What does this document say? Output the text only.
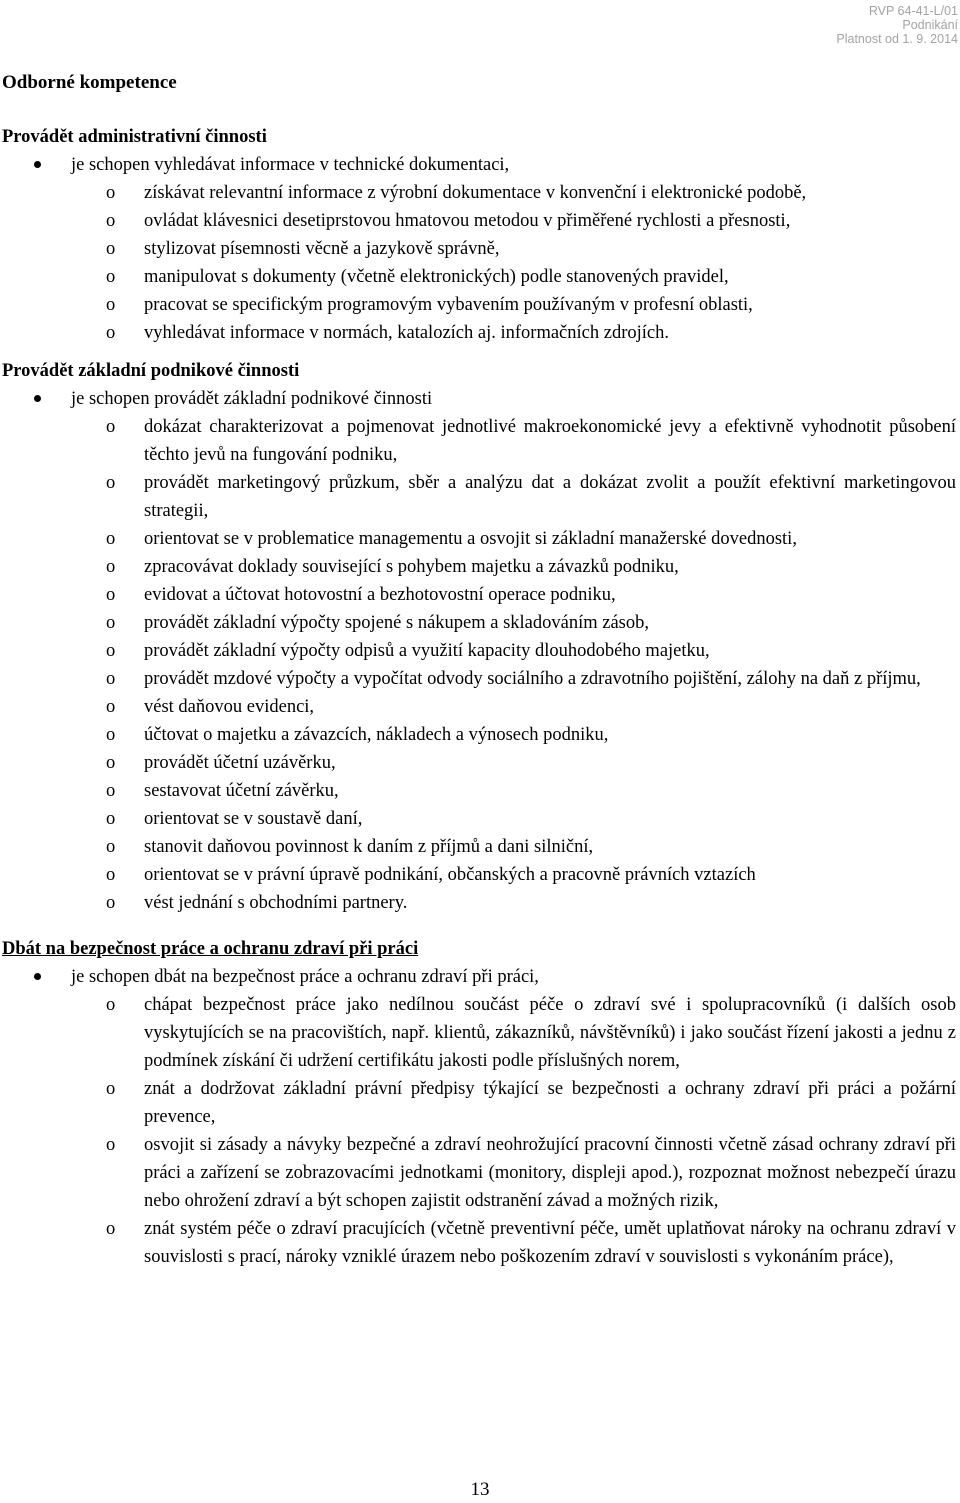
RVP 64-41-L/01
Podnikání
Platnost od 1. 9. 2014
Odborné kompetence
Provádět administrativní činnosti
je schopen vyhledávat informace v technické dokumentaci,
o získávat relevantní informace z výrobní dokumentace v konvenční i elektronické podobě,
o ovládat klávesnici desetiprstovou hmatovou metodou v přiměřené rychlosti a přesnosti,
o stylizovat písemnosti věcně a jazykově správně,
o manipulovat s dokumenty (včetně elektronických) podle stanovených pravidel,
o pracovat se specifickým programovým vybavením používaným v profesní oblasti,
o vyhledávat informace v normách, katalozích aj. informačních zdrojích.
Provádět základní podnikové činnosti
je schopen provádět základní podnikové činnosti
o dokázat charakterizovat a pojmenovat jednotlivé makroekonomické jevy a efektivně vyhodnotit působení těchto jevů na fungování podniku,
o provádět marketingový průzkum, sběr a analýzu dat a dokázat zvolit a použít efektivní marketingovou strategii,
o orientovat se v problematice managementu a osvojit si základní manažerské dovednosti,
o zpracovávat doklady související s pohybem majetku a závazků podniku,
o evidovat a účtovat hotovostní a bezhotovostní operace podniku,
o provádět základní výpočty spojené s nákupem a skladováním zásob,
o provádět základní výpočty odpisů a využití kapacity dlouhodobého majetku,
o provádět mzdové výpočty a vypočítat odvody sociálního a zdravotního pojištění, zálohy na daň z příjmu,
o vést daňovou evidenci,
o účtovat o majetku a závazcích, nákladech a výnosech podniku,
o provádět účetní uzávěrku,
o sestavovat účetní závěrku,
o orientovat se v soustavě daní,
o stanovit daňovou povinnost k daním z příjmů a dani silniční,
o orientovat se v právní úpravě podnikání, občanských a pracovně právních vztazích
o vést jednání s obchodními partnery.
Dbát na bezpečnost práce a ochranu zdraví při práci
je schopen dbát na bezpečnost práce a ochranu zdraví při práci,
o chápat bezpečnost práce jako nedílnou součást péče o zdraví své i spolupracovníků (i dalších osob vyskytujících se na pracovištích, např. klientů, zákazníků, návštěvníků) i jako součást řízení jakosti a jednu z podmínek získání či udržení certifikátu jakosti podle příslušných norem,
o znát a dodržovat základní právní předpisy týkající se bezpečnosti a ochrany zdraví při práci a požární prevence,
o osvojit si zásady a návyky bezpečné a zdraví neohrožující pracovní činnosti včetně zásad ochrany zdraví při práci a zařízení se zobrazovacími jednotkami (monitory, displeji apod.), rozpoznat možnost nebezpečí úrazu nebo ohrožení zdraví a být schopen zajistit odstranění závad a možných rizik,
o znát systém péče o zdraví pracujících (včetně preventivní péče, umět uplatňovat nároky na ochranu zdraví v souvislosti s prací, nároky vzniklé úrazem nebo poškozením zdraví v souvislosti s vykonáním práce),
13
